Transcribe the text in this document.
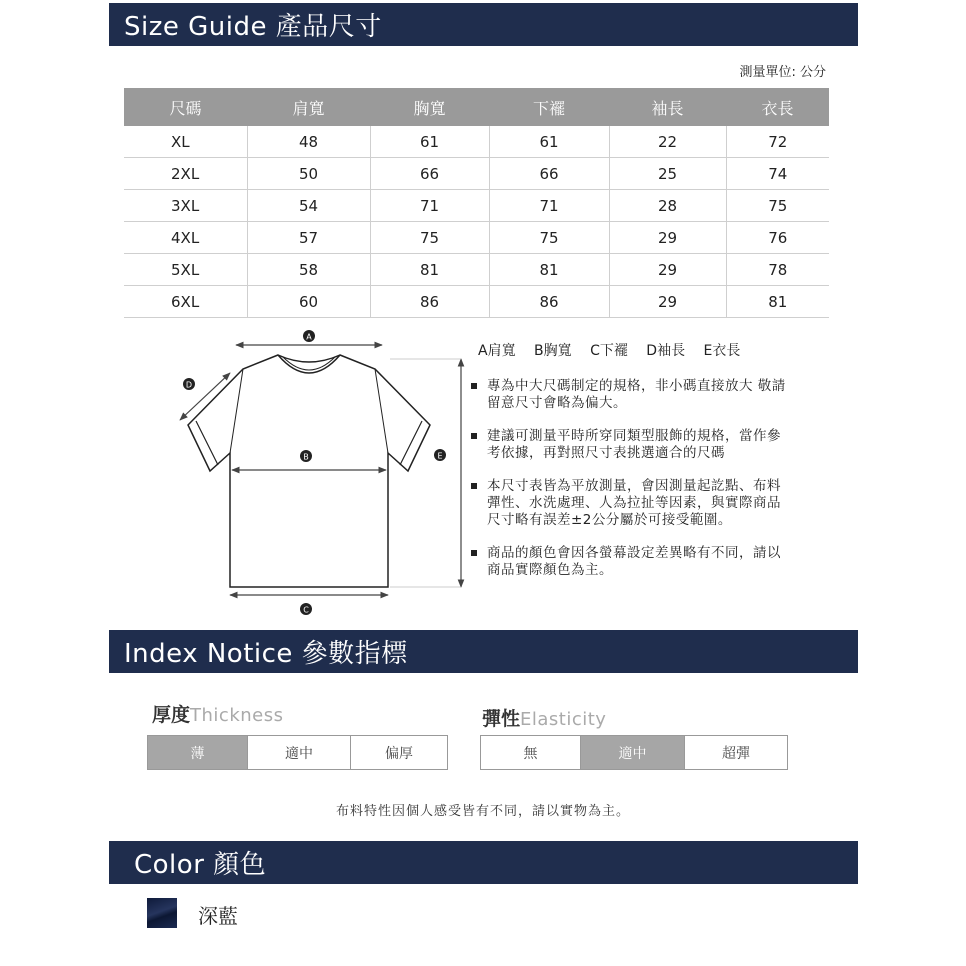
Size Guide 產品尺寸
測量單位: 公分
尺碼	肩寬	胸寬	下襬	袖長	衣長
XL	48	61	61	22	72
2XL	50	66	66	25	74
3XL	54	71	71	28	75
4XL	57	75	75	29	76
5XL	58	81	81	29	78
6XL	60	86	86	29	81
A
D
B	E
C
A肩寬 B胸寬 C下襬 D袖長 E衣長
專為中大尺碼制定的規格，非小碼直接放大 敬請留意尺寸會略為偏大。
建議可測量平時所穿同類型服飾的規格，當作參考依據，再對照尺寸表挑選適合的尺碼
本尺寸表皆為平放測量，會因測量起訖點、布料彈性、水洗處理、人為拉扯等因素，與實際商品尺寸略有誤差±2公分屬於可接受範圍。
商品的顏色會因各螢幕設定差異略有不同，請以商品實際顏色為主。
Index Notice 參數指標
厚度Thickness
薄	適中	偏厚
彈性Elasticity
無	適中	超彈
布料特性因個人感受皆有不同，請以實物為主。
Color 顏色
深藍
